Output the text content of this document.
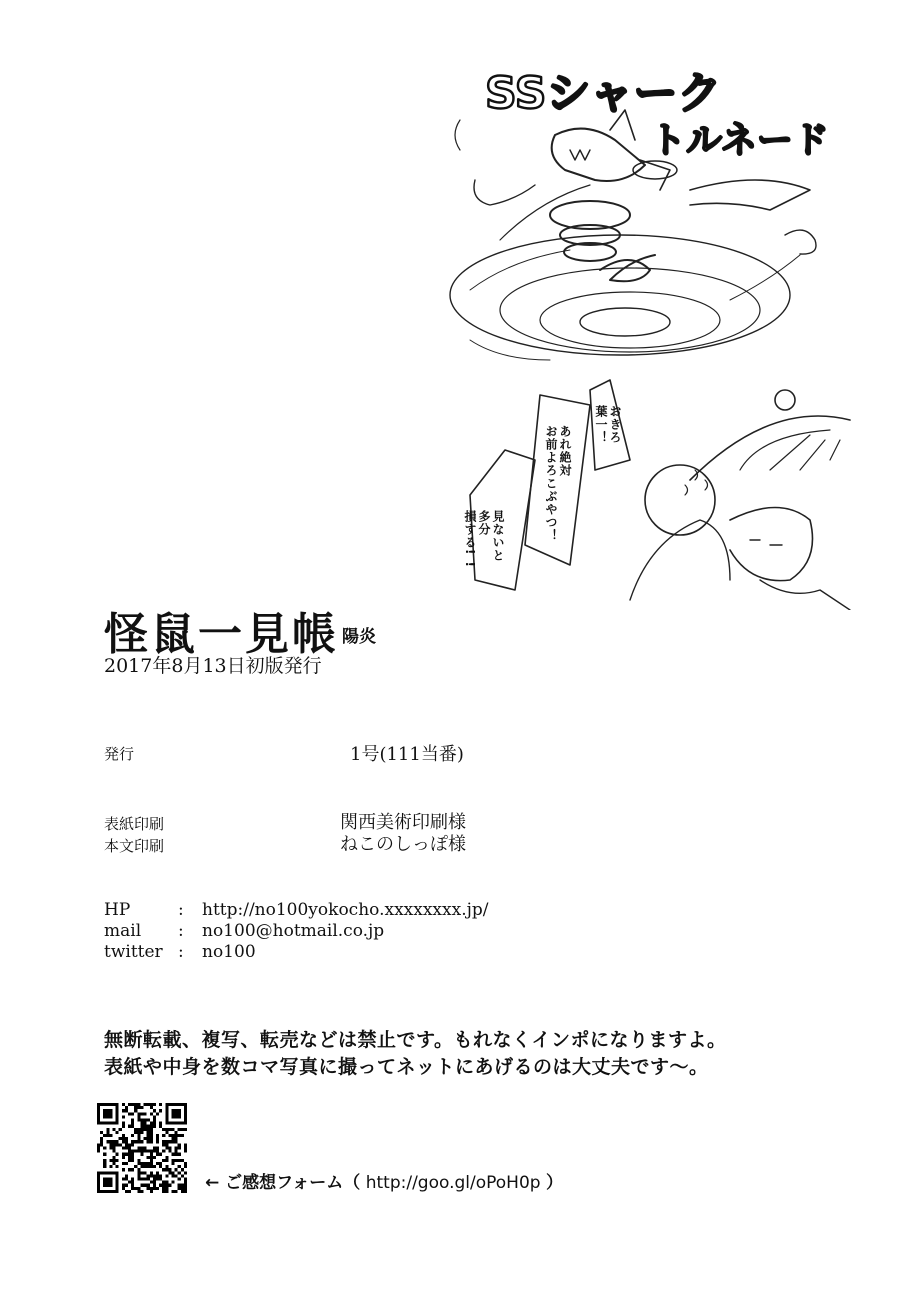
SSシャーク
トルネード
おきろ葉一！
あれ絶対お前よろこぶやつ！
見ないと多分損する! !
怪鼠一見帳 陽炎
2017年8月13日初版発行
発行	1号(111当番)
表紙印刷	関西美術印刷様
本文印刷	ねこのしっぽ様
HP	: http://no100yokocho.xxxxxxxx.jp/
mail : no100@hotmail.co.jp
twitter : no100
無断転載、複写、転売などは禁止です。もれなくインポになりますよ。
表紙や中身を数コマ写真に撮ってネットにあげるのは大丈夫です〜。
← ご感想フォーム（ http://goo.gl/oPoH0p ）
